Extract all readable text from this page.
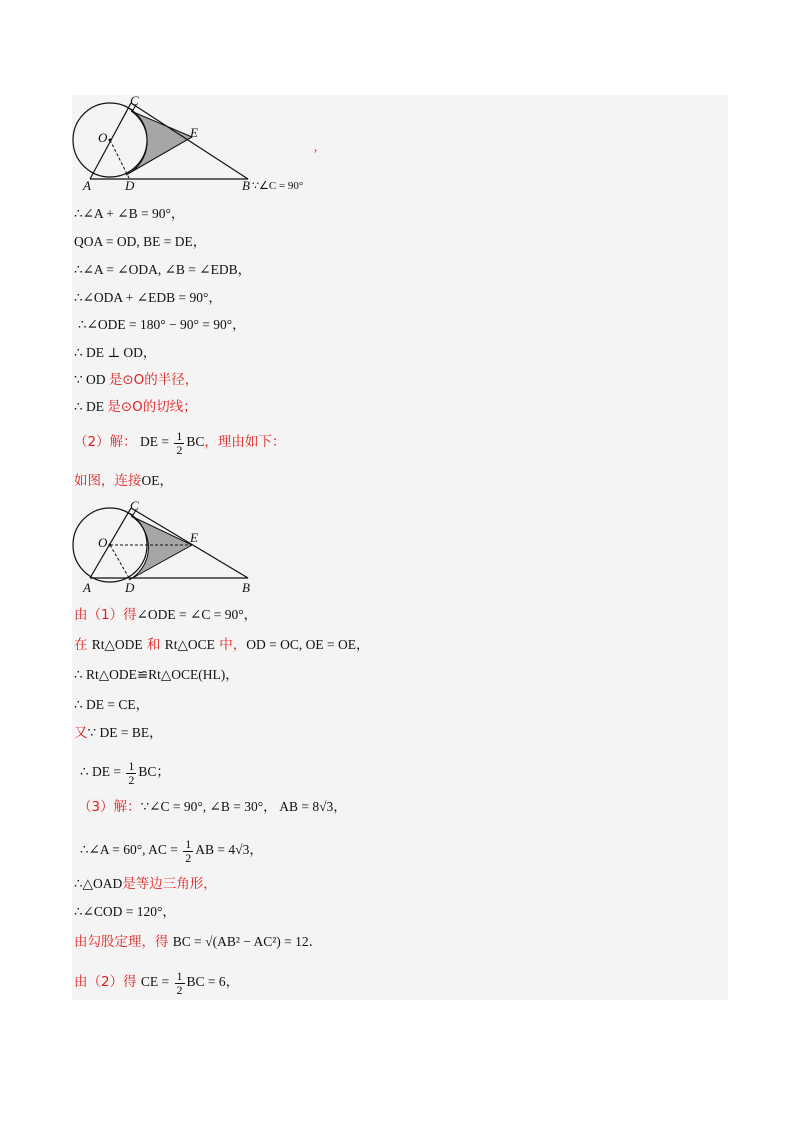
C
O	E
A	D	B ∵∠C = 90°
,
∴∠A + ∠B = 90°，
QOA = OD, BE = DE，
∴∠A = ∠ODA, ∠B = ∠EDB，
∴∠ODA + ∠EDB = 90°，
∴∠ODE = 180° − 90° = 90°，
∴ DE ⊥ OD，
∵ OD 是⊙O的半径，
∴ DE 是⊙O的切线；
（2）解： DE = $\frac{1}{2}$ BC，理由如下：
如图，连接OE，
C
O	E
A	D	B
由（1）得∠ODE = ∠C = 90°，
在 Rt△ODE 和 Rt△OCE 中，OD = OC, OE = OE，
∴ Rt△ODE≌Rt△OCE(HL)，
∴ DE = CE，
又∵ DE = BE，
∴ DE = $\frac{1}{2}$ BC；
（3）解：∵∠C = 90°, ∠B = 30°， AB = 8√3，
∴∠A = 60°, AC = $\frac{1}{2}$ AB = 4√3，
∴△OAD是等边三角形，
∴∠COD = 120°，
由勾股定理，得 BC = √(AB² − AC²) = 12．
由（2）得 CE = $\frac{1}{2}$ BC = 6，
